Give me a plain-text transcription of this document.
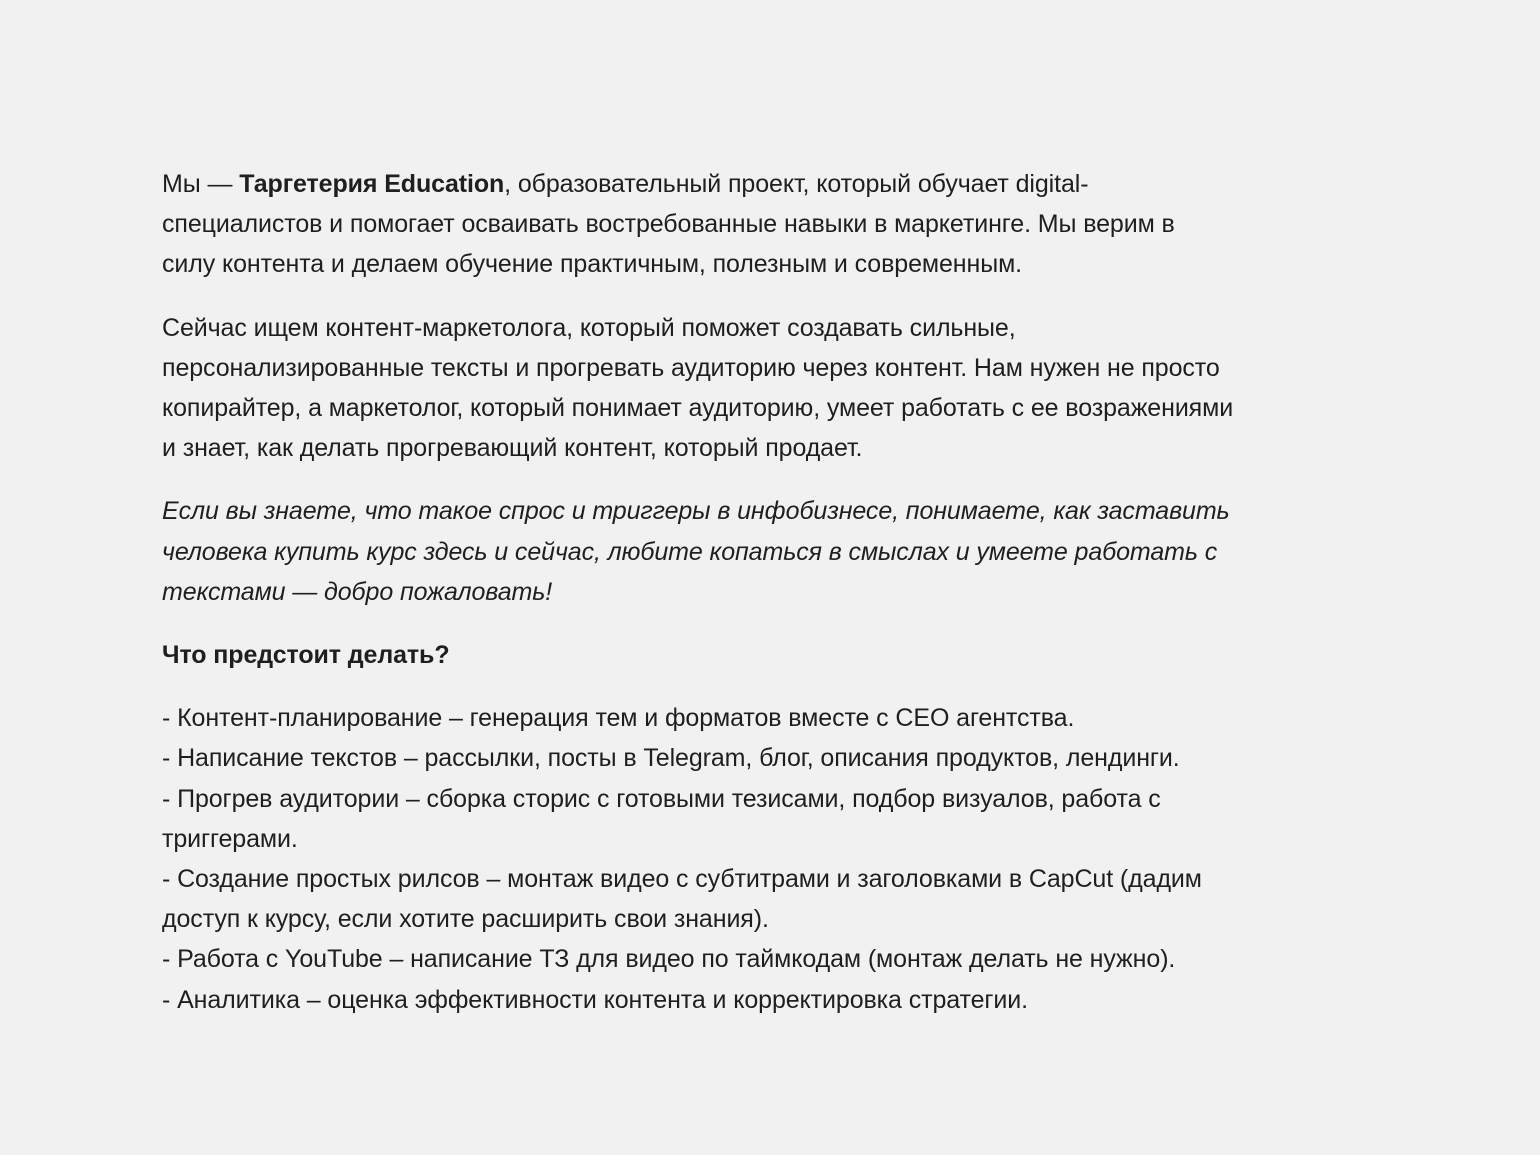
Мы — Таргетерия Education, образовательный проект, который обучает digital-
специалистов и помогает осваивать востребованные навыки в маркетинге. Мы верим в
силу контента и делаем обучение практичным, полезным и современным.
Сейчас ищем контент-маркетолога, который поможет создавать сильные,
персонализированные тексты и прогревать аудиторию через контент. Нам нужен не просто
копирайтер, а маркетолог, который понимает аудиторию, умеет работать с ее возражениями
и знает, как делать прогревающий контент, который продает.
Если вы знаете, что такое спрос и триггеры в инфобизнесе, понимаете, как заставить
человека купить курс здесь и сейчас, любите копаться в смыслах и умеете работать с
текстами — добро пожаловать!
Что предстоит делать?
- Контент-планирование – генерация тем и форматов вместе с CEO агентства.
- Написание текстов – рассылки, посты в Telegram, блог, описания продуктов, лендинги.
- Прогрев аудитории – сборка сторис с готовыми тезисами, подбор визуалов, работа с
триггерами.
- Создание простых рилсов – монтаж видео с субтитрами и заголовками в CapCut (дадим
доступ к курсу, если хотите расширить свои знания).
- Работа с YouTube – написание ТЗ для видео по таймкодам (монтаж делать не нужно).
- Аналитика – оценка эффективности контента и корректировка стратегии.
